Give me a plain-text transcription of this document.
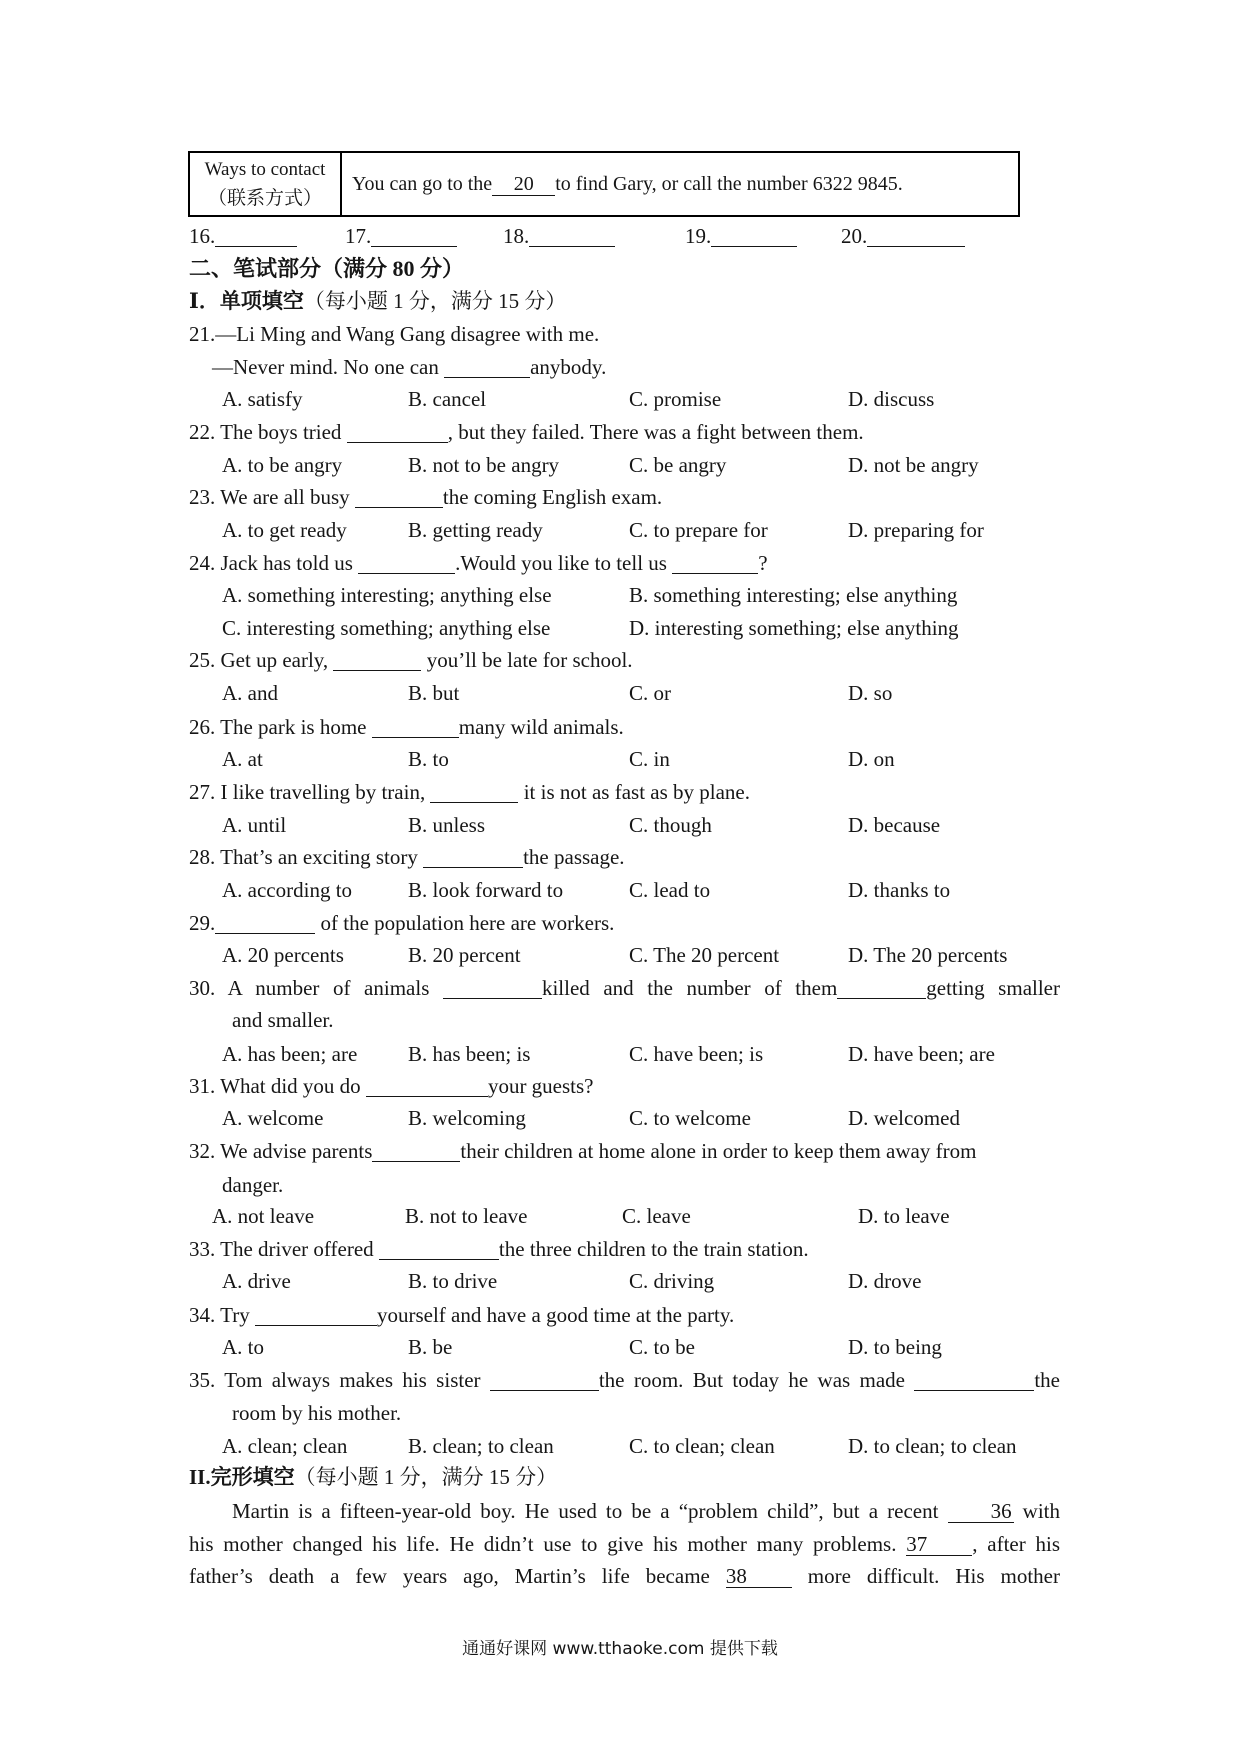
Ways to contact
（联系方式）
You can go to the	20	to find Gary, or call the number 6322 9845.
16.	17.	18.	19.	20.
二、笔试部分（满分 80 分）
Ⅰ．单项填空（每小题 1 分，满分 15 分）
21.—Li Ming and Wang Gang disagree with me.
—Never mind. No one can	anybody.
A. satisfy	B. cancel	C. promise	D. discuss
22. The boys tried	, but they failed. There was a fight between them.
A. to be angry	B. not to be angry	C. be angry	D. not be angry
23. We are all busy	the coming English exam.
A. to get ready	B. getting ready	C. to prepare for	D. preparing for
24. Jack has told us	.Would you like to tell us	?
A. something interesting; anything else	B. something interesting; else anything
C. interesting something; anything else	D. interesting something; else anything
25. Get up early,	you’ll be late for school.
A. and	B. but	C. or	D. so
26. The park is home	many wild animals.
A. at	B. to	C. in	D. on
27. I like travelling by train,	it is not as fast as by plane.
A. until	B. unless	C. though	D. because
28. That’s an exciting story	the passage.
A. according to	B. look forward to	C. lead to	D. thanks to
29.	of the population here are workers.
A. 20 percents	B. 20 percent	C. The 20 percent	D. The 20 percents
30. A number of animals	killed and the number of them	getting smaller
and smaller.
A. has been; are B. has been; is	C. have been; is	D. have been; are
31. What did you do	your guests?
A. welcome	B. welcoming	C. to welcome	D. welcomed
32. We advise parents	their children at home alone in order to keep them away from
danger.
A. not leave	B. not to leave	C. leave	D. to leave
33. The driver offered	the three children to the train station.
A. drive	B. to drive	C. driving	D. drove
34. Try	yourself and have a good time at the party.
A. to	B. be	C. to be	D. to being
35. Tom always makes his sister	the room. But today he was made	the
room by his mother.
A. clean; clean	B. clean; to clean	C. to clean; clean	D. to clean; to clean
II.完形填空（每小题 1 分，满分 15 分）
Martin is a fifteen-year-old boy. He used to be a “problem child”, but a recent 36 with
his mother changed his life. He didn’t use to give his mother many problems. 37 , after his
father’s death a few years ago, Martin’s life became 38	more difficult. His mother
通通好课网 www.tthaoke.com 提供下载
